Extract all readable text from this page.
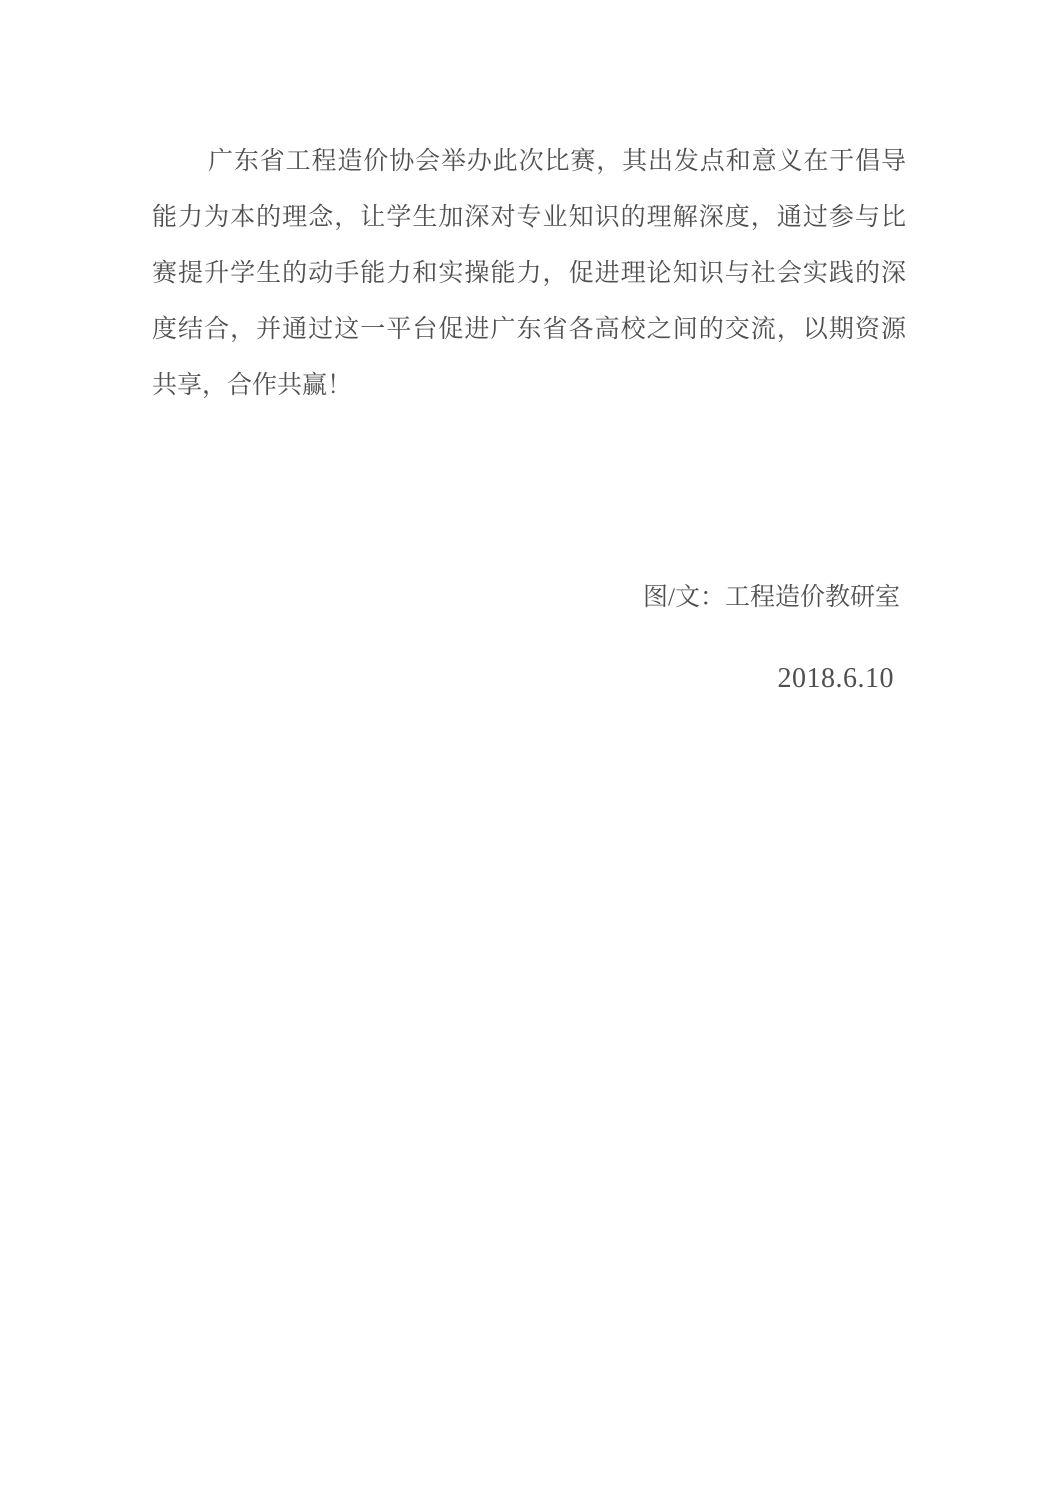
广东省工程造价协会举办此次比赛，其出发点和意义在于倡导
能力为本的理念，让学生加深对专业知识的理解深度，通过参与比
赛提升学生的动手能力和实操能力，促进理论知识与社会实践的深
度结合，并通过这一平台促进广东省各高校之间的交流，以期资源
共享，合作共赢！
图/文：工程造价教研室
2018.6.10
